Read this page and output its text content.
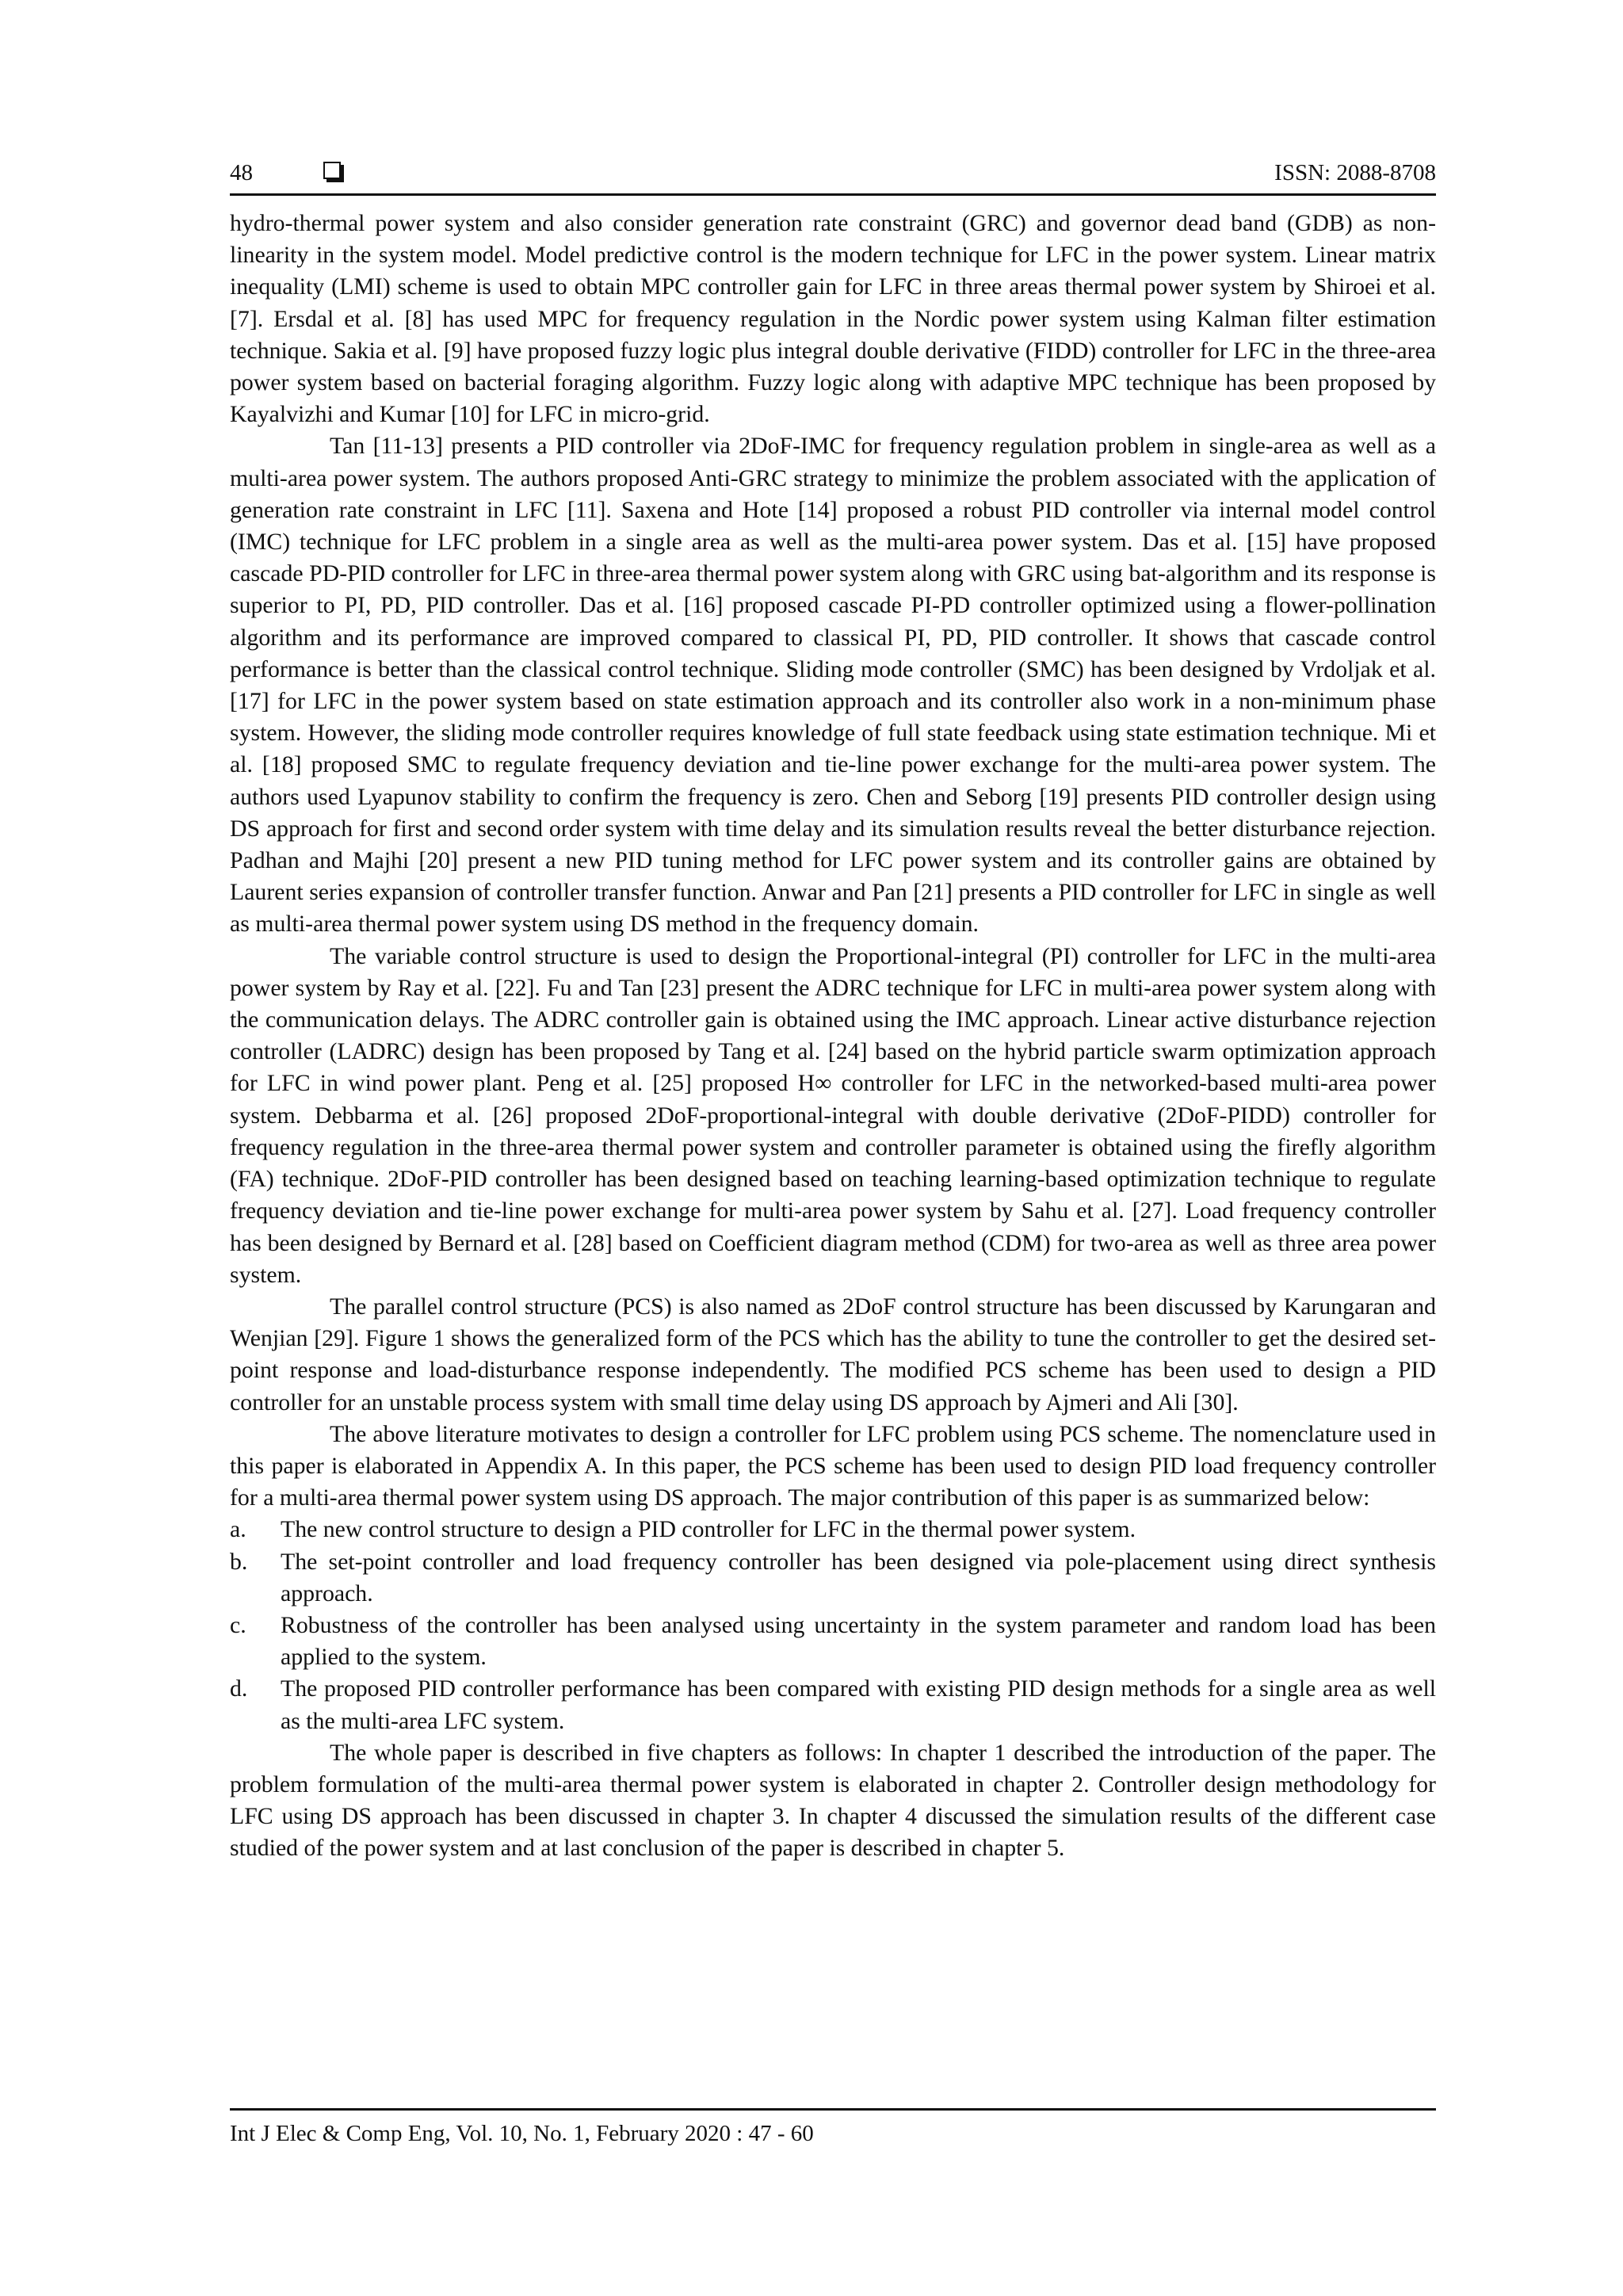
48	ISSN: 2088-8708

hydro-thermal power system and also consider generation rate constraint (GRC) and governor dead band (GDB) as non-linearity in the system model. Model predictive control is the modern technique for LFC in the power system. Linear matrix inequality (LMI) scheme is used to obtain MPC controller gain for LFC in three areas thermal power system by Shiroei et al. [7]. Ersdal et al. [8] has used MPC for frequency regulation in the Nordic power system using Kalman filter estimation technique. Sakia et al. [9] have proposed fuzzy logic plus integral double derivative (FIDD) controller for LFC in the three-area power system based on bacterial foraging algorithm. Fuzzy logic along with adaptive MPC technique has been proposed by Kayalvizhi and Kumar [10] for LFC in micro-grid.

Tan [11-13] presents a PID controller via 2DoF-IMC for frequency regulation problem in single-area as well as a multi-area power system. The authors proposed Anti-GRC strategy to minimize the problem associated with the application of generation rate constraint in LFC [11]. Saxena and Hote [14] proposed a robust PID controller via internal model control (IMC) technique for LFC problem in a single area as well as the multi-area power system. Das et al. [15] have proposed cascade PD-PID controller for LFC in three-area thermal power system along with GRC using bat-algorithm and its response is superior to PI, PD, PID controller. Das et al. [16] proposed cascade PI-PD controller optimized using a flower-pollination algorithm and its performance are improved compared to classical PI, PD, PID controller. It shows that cascade control performance is better than the classical control technique. Sliding mode controller (SMC) has been designed by Vrdoljak et al. [17] for LFC in the power system based on state estimation approach and its controller also work in a non-minimum phase system. However, the sliding mode controller requires knowledge of full state feedback using state estimation technique. Mi et al. [18] proposed SMC to regulate frequency deviation and tie-line power exchange for the multi-area power system. The authors used Lyapunov stability to confirm the frequency is zero. Chen and Seborg [19] presents PID controller design using DS approach for first and second order system with time delay and its simulation results reveal the better disturbance rejection. Padhan and Majhi [20] present a new PID tuning method for LFC power system and its controller gains are obtained by Laurent series expansion of controller transfer function. Anwar and Pan [21] presents a PID controller for LFC in single as well as multi-area thermal power system using DS method in the frequency domain.

The variable control structure is used to design the Proportional-integral (PI) controller for LFC in the multi-area power system by Ray et al. [22]. Fu and Tan [23] present the ADRC technique for LFC in multi-area power system along with the communication delays. The ADRC controller gain is obtained using the IMC approach. Linear active disturbance rejection controller (LADRC) design has been proposed by Tang et al. [24] based on the hybrid particle swarm optimization approach for LFC in wind power plant. Peng et al. [25] proposed H∞ controller for LFC in the networked-based multi-area power system. Debbarma et al. [26] proposed 2DoF-proportional-integral with double derivative (2DoF-PIDD) controller for frequency regulation in the three-area thermal power system and controller parameter is obtained using the firefly algorithm (FA) technique. 2DoF-PID controller has been designed based on teaching learning-based optimization technique to regulate frequency deviation and tie-line power exchange for multi-area power system by Sahu et al. [27]. Load frequency controller has been designed by Bernard et al. [28] based on Coefficient diagram method (CDM) for two-area as well as three area power system.

The parallel control structure (PCS) is also named as 2DoF control structure has been discussed by Karungaran and Wenjian [29]. Figure 1 shows the generalized form of the PCS which has the ability to tune the controller to get the desired set-point response and load-disturbance response independently. The modified PCS scheme has been used to design a PID controller for an unstable process system with small time delay using DS approach by Ajmeri and Ali [30].

The above literature motivates to design a controller for LFC problem using PCS scheme. The nomenclature used in this paper is elaborated in Appendix A. In this paper, the PCS scheme has been used to design PID load frequency controller for a multi-area thermal power system using DS approach. The major contribution of this paper is as summarized below:

a.	The new control structure to design a PID controller for LFC in the thermal power system.
b.	The set-point controller and load frequency controller has been designed via pole-placement using direct synthesis approach.
c.	Robustness of the controller has been analysed using uncertainty in the system parameter and random load has been applied to the system.
d.	The proposed PID controller performance has been compared with existing PID design methods for a single area as well as the multi-area LFC system.

The whole paper is described in five chapters as follows: In chapter 1 described the introduction of the paper. The problem formulation of the multi-area thermal power system is elaborated in chapter 2. Controller design methodology for LFC using DS approach has been discussed in chapter 3. In chapter 4 discussed the simulation results of the different case studied of the power system and at last conclusion of the paper is described in chapter 5.

Int J Elec & Comp Eng, Vol. 10, No. 1, February 2020 : 47 - 60
